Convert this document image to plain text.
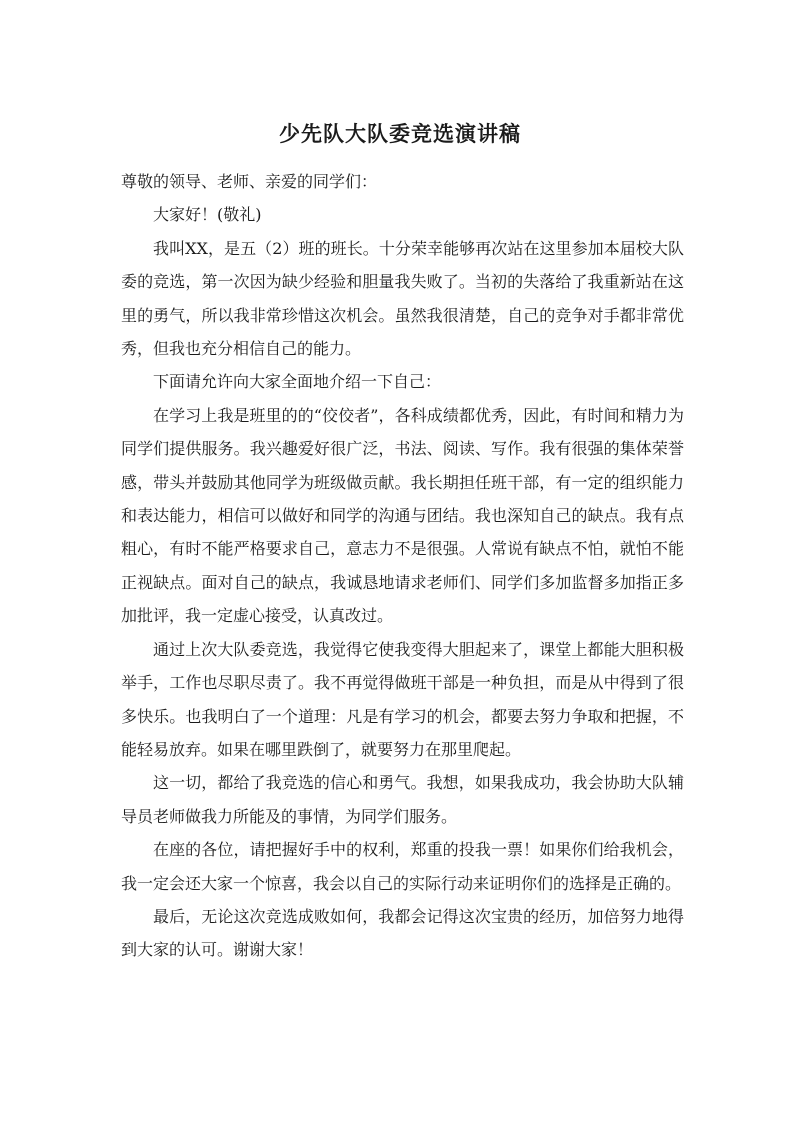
少先队大队委竞选演讲稿

尊敬的领导、老师、亲爱的同学们：

大家好！(敬礼)

我叫XX，是五（2）班的班长。十分荣幸能够再次站在这里参加本届校大队委的竞选，第一次因为缺少经验和胆量我失败了。当初的失落给了我重新站在这里的勇气，所以我非常珍惜这次机会。虽然我很清楚，自己的竞争对手都非常优秀，但我也充分相信自己的能力。

下面请允许向大家全面地介绍一下自己：

在学习上我是班里的的“佼佼者”，各科成绩都优秀，因此，有时间和精力为同学们提供服务。我兴趣爱好很广泛，书法、阅读、写作。我有很强的集体荣誉感，带头并鼓励其他同学为班级做贡献。我长期担任班干部，有一定的组织能力和表达能力，相信可以做好和同学的沟通与团结。我也深知自己的缺点。我有点粗心，有时不能严格要求自己，意志力不是很强。人常说有缺点不怕，就怕不能正视缺点。面对自己的缺点，我诚恳地请求老师们、同学们多加监督多加指正多加批评，我一定虚心接受，认真改过。

通过上次大队委竞选，我觉得它使我变得大胆起来了，课堂上都能大胆积极举手，工作也尽职尽责了。我不再觉得做班干部是一种负担，而是从中得到了很多快乐。也我明白了一个道理：凡是有学习的机会，都要去努力争取和把握，不能轻易放弃。如果在哪里跌倒了，就要努力在那里爬起。

这一切，都给了我竞选的信心和勇气。我想，如果我成功，我会协助大队辅导员老师做我力所能及的事情，为同学们服务。

在座的各位，请把握好手中的权利，郑重的投我一票！如果你们给我机会，我一定会还大家一个惊喜，我会以自己的实际行动来证明你们的选择是正确的。

最后，无论这次竞选成败如何，我都会记得这次宝贵的经历，加倍努力地得到大家的认可。谢谢大家！
